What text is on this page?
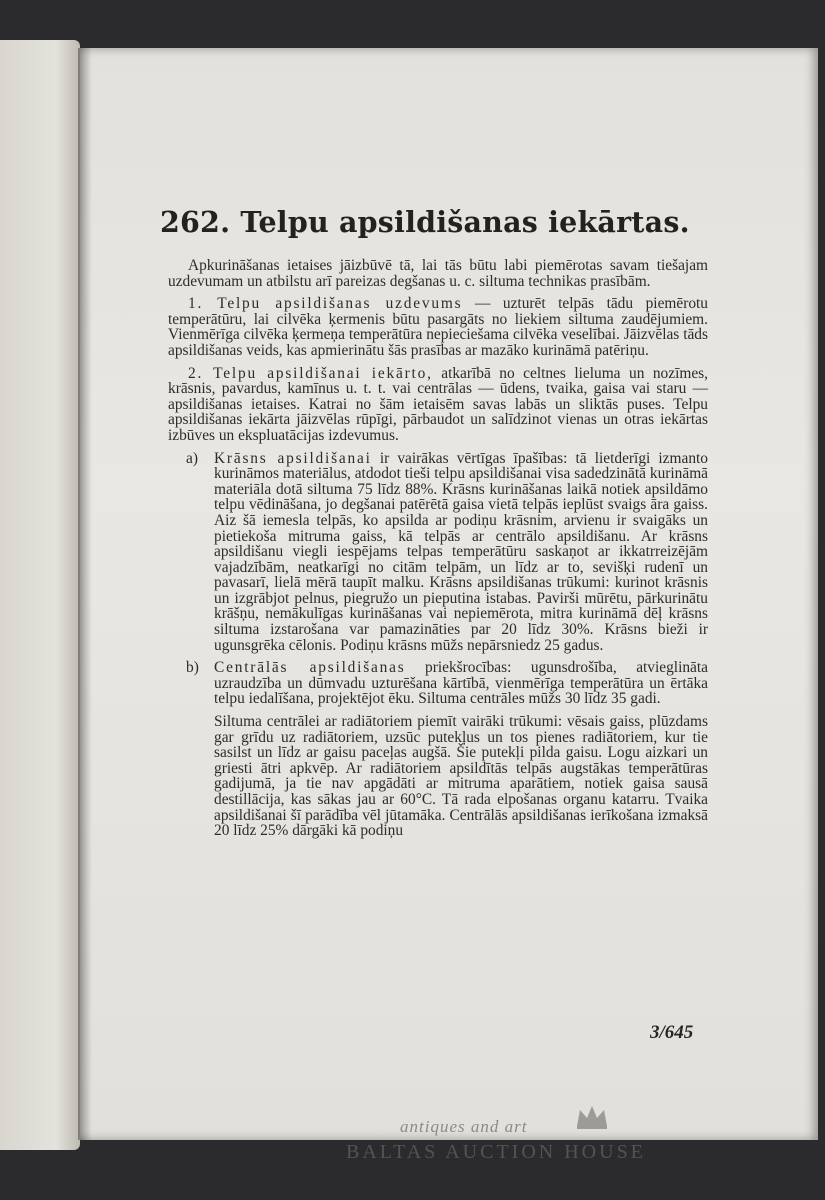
262. Telpu apsildišanas iekārtas.

Apkurināšanas ietaises jāizbūvē tā, lai tās būtu labi piemērotas savam tiešajam uzdevumam un atbilstu arī pareizas degšanas u. c. siltuma technikas prasībām.

1. Telpu apsildišanas uzdevums — uzturēt telpās tādu piemērotu temperātūru, lai cilvēka ķermenis būtu pasargāts no liekiem siltuma zaudējumiem. Vienmērīga cilvēka ķermeņa temperātūra nepieciešama cilvēka veselībai. Jāizvēlas tāds apsildišanas veids, kas apmierinātu šās prasības ar mazāko kurināmā patēriņu.

2. Telpu apsildišanai iekārto, atkarībā no celtnes lieluma un nozīmes, krāsnis, pavardus, kamīnus u. t. t. vai centrālas — ūdens, tvaika, gaisa vai staru — apsildišanas ietaises. Katrai no šām ietaisēm savas labās un sliktās puses. Telpu apsildišanas iekārta jāizvēlas rūpīgi, pārbaudot un salīdzinot vienas un otras iekārtas izbūves un ekspluatācijas izdevumus.

a) Krāsns apsildišanai ir vairākas vērtīgas īpašības: tā lietderīgi izmanto kurināmos materiālus, atdodot tieši telpu apsildišanai visa sadedzinātā kurināmā materiāla dotā siltuma 75 līdz 88%. Krāsns kurināšanas laikā notiek apsildāmo telpu vēdināšana, jo degšanai patērētā gaisa vietā telpās ieplūst svaigs āra gaiss. Aiz šā iemesla telpās, ko apsilda ar podiņu krāsnim, arvienu ir svaigāks un pietiekoša mitruma gaiss, kā telpās ar centrālo apsildišanu. Ar krāsns apsildišanu viegli iespējams telpas temperātūru saskaņot ar ikkatrreizējām vajadzībām, neatkarīgi no citām telpām, un līdz ar to, sevišķi rudenī un pavasarī, lielā mērā taupīt malku. Krāsns apsildišanas trūkumi: kurinot krāsnis un izgrābjot pelnus, piegružo un pieputina istabas. Pavirši mūrētu, pārkurinātu krāšņu, nemākulīgas kurināšanas vai nepiemērota, mitra kurināmā dēļ krāsns siltuma izstarošana var pamazināties par 20 līdz 30%. Krāsns bieži ir ugunsgrēka cēlonis. Podiņu krāsns mūžs nepārsniedz 25 gadus.
b) Centrālās apsildišanas priekšrocības: ugunsdrošība, atvieglināta uzraudzība un dūmvadu uzturēšana kārtībā, vienmērīga temperātūra un ērtāka telpu iedalīšana, projektējot ēku. Siltuma centrāles mūžs 30 līdz 35 gadi.
Siltuma centrālei ar radiātoriem piemīt vairāki trūkumi: vēsais gaiss, plūzdams gar grīdu uz radiātoriem, uzsūc putekļus un tos pienes radiātoriem, kur tie sasilst un līdz ar gaisu paceļas augšā. Šie putekļi pilda gaisu. Logu aizkari un griesti ātri apkvēp. Ar radiātoriem apsildītās telpās augstākas temperātūras gadijumā, ja tie nav apgādāti ar mitruma aparātiem, notiek gaisa sausā destillācija, kas sākas jau ar 60°C. Tā rada elpošanas organu katarru. Tvaika apsildišanai šī parādība vēl jūtamāka. Centrālās apsildišanas ierīkošana izmaksā 20 līdz 25% dārgāki kā podiņu
3/645
antiques and art
BALTAS AUCTION HOUSE
